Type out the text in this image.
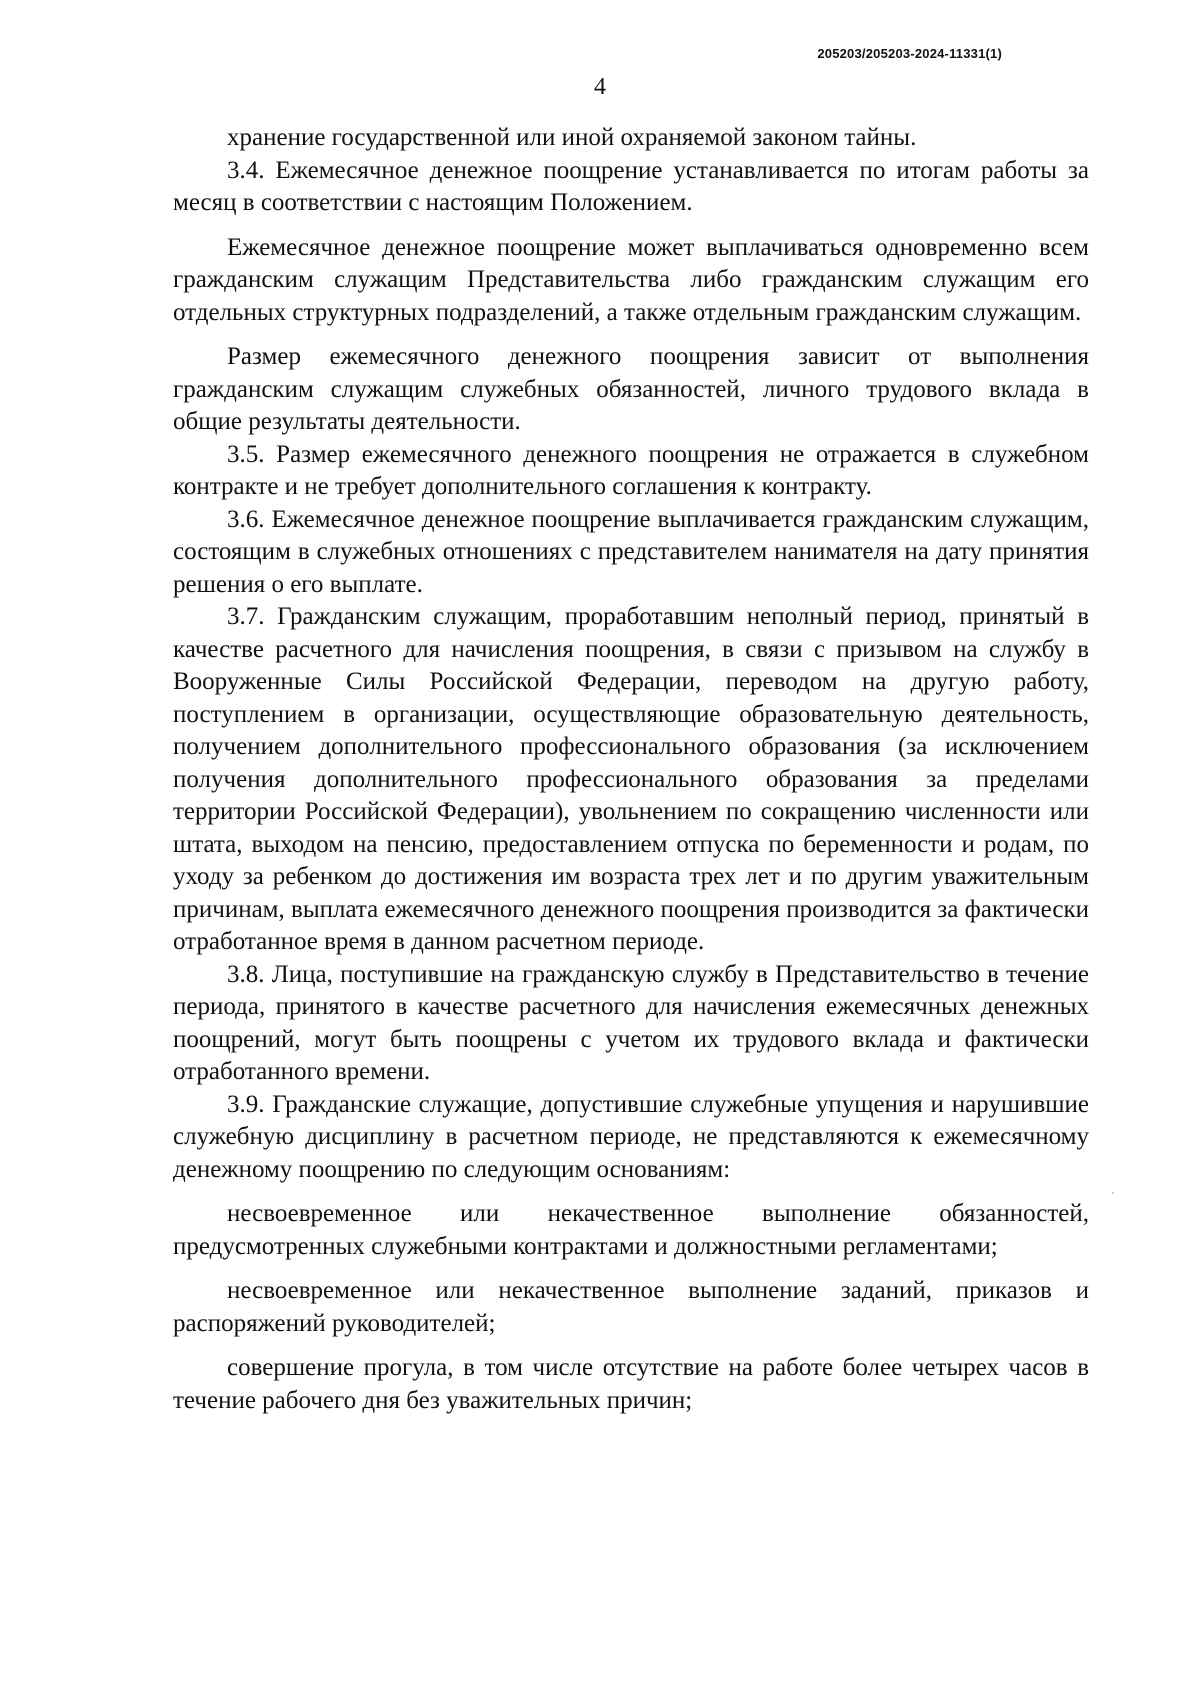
205203/205203-2024-11331(1)
4

хранение государственной или иной охраняемой законом тайны.

3.4. Ежемесячное денежное поощрение устанавливается по итогам работы за месяц в соответствии с настоящим Положением.

Ежемесячное денежное поощрение может выплачиваться одновременно всем гражданским служащим Представительства либо гражданским служащим его отдельных структурных подразделений, а также отдельным гражданским служащим.

Размер ежемесячного денежного поощрения зависит от выполнения гражданским служащим служебных обязанностей, личного трудового вклада в общие результаты деятельности.

3.5. Размер ежемесячного денежного поощрения не отражается в служебном контракте и не требует дополнительного соглашения к контракту.

3.6. Ежемесячное денежное поощрение выплачивается гражданским служащим, состоящим в служебных отношениях с представителем нанимателя на дату принятия решения о его выплате.

3.7. Гражданским служащим, проработавшим неполный период, принятый в качестве расчетного для начисления поощрения, в связи с призывом на службу в Вооруженные Силы Российской Федерации, переводом на другую работу, поступлением в организации, осуществляющие образовательную деятельность, получением дополнительного профессионального образования (за исключением получения дополнительного профессионального образования за пределами территории Российской Федерации), увольнением по сокращению численности или штата, выходом на пенсию, предоставлением отпуска по беременности и родам, по уходу за ребенком до достижения им возраста трех лет и по другим уважительным причинам, выплата ежемесячного денежного поощрения производится за фактически отработанное время в данном расчетном периоде.

3.8. Лица, поступившие на гражданскую службу в Представительство в течение периода, принятого в качестве расчетного для начисления ежемесячных денежных поощрений, могут быть поощрены с учетом их трудового вклада и фактически отработанного времени.

3.9. Гражданские служащие, допустившие служебные упущения и нарушившие служебную дисциплину в расчетном периоде, не представляются к ежемесячному денежному поощрению по следующим основаниям:

несвоевременное или некачественное выполнение обязанностей, предусмотренных служебными контрактами и должностными регламентами;

несвоевременное или некачественное выполнение заданий, приказов и распоряжений руководителей;

совершение прогула, в том числе отсутствие на работе более четырех часов в течение рабочего дня без уважительных причин;
